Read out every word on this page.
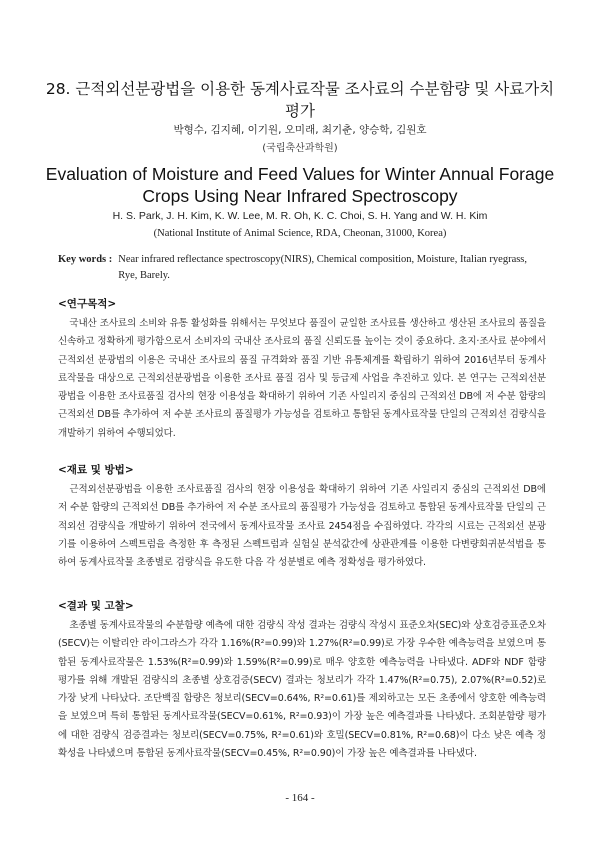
28. 근적외선분광법을 이용한 동계사료작물 조사료의 수분함량 및 사료가치 평가
박형수, 김지혜, 이기원, 오미래, 최기춘, 양승학, 김원호
(국립축산과학원)
Evaluation of Moisture and Feed Values for Winter Annual Forage Crops Using Near Infrared Spectroscopy
H. S. Park, J. H. Kim, K. W. Lee, M. R. Oh, K. C. Choi, S. H. Yang and W. H. Kim
(National Institute of Animal Science, RDA, Cheonan, 31000, Korea)
Key words : Near infrared reflectance spectroscopy(NIRS), Chemical composition, Moisture, Italian ryegrass, Rye, Barely.
<연구목적>
국내산 조사료의 소비와 유통 활성화를 위해서는 무엇보다 품질이 균일한 조사료를 생산하고 생산된 조사료의 품질을 신속하고 정확하게 평가함으로서 소비자의 국내산 조사료의 품질 신뢰도를 높이는 것이 중요하다. 초지·조사료 분야에서 근적외선 분광법의 이용은 국내산 조사료의 품질 규격화와 품질 기반 유통체계를 확립하기 위하여 2016년부터 동계사료작물을 대상으로 근적외선분광법을 이용한 조사료 품질 검사 및 등급제 사업을 추진하고 있다. 본 연구는 근적외선분광법을 이용한 조사료품질 검사의 현장 이용성을 확대하기 위하여 기존 사일리지 중심의 근적외선 DB에 저 수분 함량의 근적외선 DB를 추가하여 저 수분 조사료의 품질평가 가능성을 검토하고 통합된 동계사료작물 단일의 근적외선 검량식을 개발하기 위하여 수행되었다.
<재료 및 방법>
근적외선분광법을 이용한 조사료품질 검사의 현장 이용성을 확대하기 위하여 기존 사일리지 중심의 근적외선 DB에 저 수분 함량의 근적외선 DB를 추가하여 저 수분 조사료의 품질평가 가능성을 검토하고 통합된 동계사료작물 단일의 근적외선 검량식을 개발하기 위하여 전국에서 동계사료작물 조사료 2454점을 수집하였다. 각각의 시료는 근적외선 분광기를 이용하여 스펙트럼을 측정한 후 측정된 스펙트럼과 실험실 분석값간에 상관관계를 이용한 다변량회귀분석법을 통하여 동계사료작물 초종별로 검량식을 유도한 다음 각 성분별로 예측 정확성을 평가하였다.
<결과 및 고찰>
초종별 동계사료작물의 수분함량 예측에 대한 검량식 작성 결과는 검량식 작성시 표준오차(SEC)와 상호검증표준오차(SECV)는 이탈리안 라이그라스가 각각 1.16%(R²=0.99)와 1.27%(R²=0.99)로 가장 우수한 예측능력을 보였으며 통합된 동계사료작물은 1.53%(R²=0.99)와 1.59%(R²=0.99)로 매우 양호한 예측능력을 나타냈다. ADF와 NDF 함량 평가를 위해 개발된 검량식의 초종별 상호검증(SECV) 결과는 청보리가 각각 1.47%(R²=0.75), 2.07%(R²=0.52)로 가장 낮게 나타났다. 조단백질 함량은 청보리(SECV=0.64%, R²=0.61)를 제외하고는 모든 초종에서 양호한 예측능력을 보였으며 특히 통합된 동계사료작물(SECV=0.61%, R²=0.93)이 가장 높은 예측결과를 나타냈다. 조회분함량 평가에 대한 검량식 검증결과는 청보리(SECV=0.75%, R²=0.61)와 호밀(SECV=0.81%, R²=0.68)이 다소 낮은 예측 정확성을 나타냈으며 통합된 동계사료작물(SECV=0.45%, R²=0.90)이 가장 높은 예측결과를 나타냈다.
- 164 -
